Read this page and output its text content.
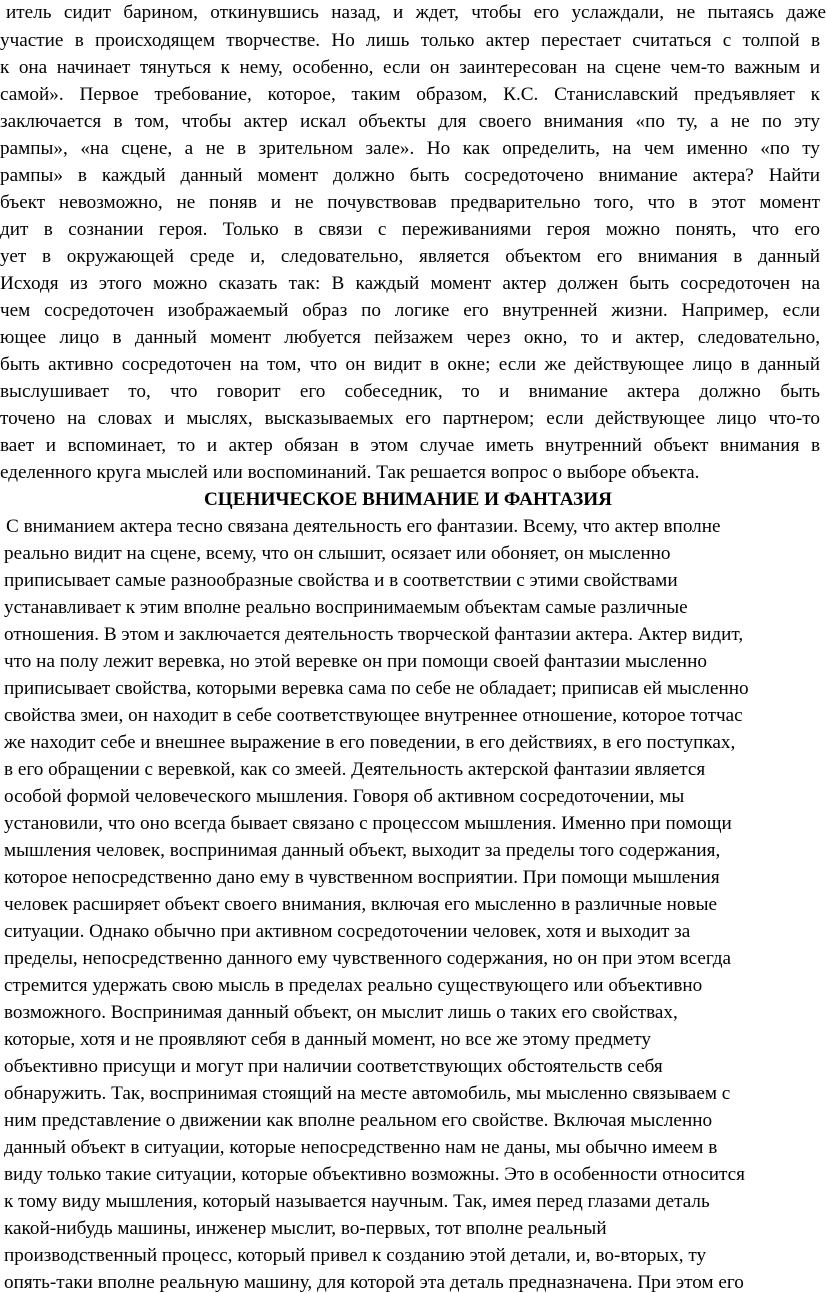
итель сидит барином, откинувшись назад, и ждет, чтобы его услаждали, не пытаясь даже
участие в происходящем творчестве. Но лишь только актер перестает считаться с толпой в
к она начинает тянуться к нему, особенно, если он заинтересован на сцене чем-то важным и
самой». Первое требование, которое, таким образом, К.С. Станиславский предъявляет к
заключается в том, чтобы актер искал объекты для своего внимания «по ту, а не по эту
рампы», «на сцене, а не в зрительном зале». Но как определить, на чем именно «по ту
рампы» в каждый данный момент должно быть сосредоточено внимание актера? Найти
бъект невозможно, не поняв и не почувствовав предварительно того, что в этот момент
дит в сознании героя. Только в связи с переживаниями героя можно понять, что его
ует в окружающей среде и, следовательно, является объектом его внимания в данный
Исходя из этого можно сказать так: В каждый момент актер должен быть сосредоточен на
чем сосредоточен изображаемый образ по логике его внутренней жизни. Например, если
ющее лицо в данный момент любуется пейзажем через окно, то и актер, следовательно,
быть активно сосредоточен на том, что он видит в окне; если же действующее лицо в данный
выслушивает то, что говорит его собеседник, то и внимание актера должно быть
точено на словах и мыслях, высказываемых его партнером; если действующее лицо что-то
вает и вспоминает, то и актер обязан в этом случае иметь внутренний объект внимания в
еделенного круга мыслей или воспоминаний. Так решается вопрос о выборе объекта.
СЦЕНИЧЕСКОЕ ВНИМАНИЕ И ФАНТАЗИЯ
С вниманием актера тесно связана деятельность его фантазии. Всему, что актер вполне
реально видит на сцене, всему, что он слышит, осязает или обоняет, он мысленно
приписывает самые разнообразные свойства и в соответствии с этими свойствами
устанавливает к этим вполне реально воспринимаемым объектам самые различные
отношения. В этом и заключается деятельность творческой фантазии актера. Актер видит,
что на полу лежит веревка, но этой веревке он при помощи своей фантазии мысленно
приписывает свойства, которыми веревка сама по себе не обладает; приписав ей мысленно
свойства змеи, он находит в себе соответствующее внутреннее отношение, которое тотчас
же находит себе и внешнее выражение в его поведении, в его действиях, в его поступках,
в его обращении с веревкой, как со змеей. Деятельность актерской фантазии является
особой формой человеческого мышления. Говоря об активном сосредоточении, мы
установили, что оно всегда бывает связано с процессом мышления. Именно при помощи
мышления человек, воспринимая данный объект, выходит за пределы того содержания,
которое непосредственно дано ему в чувственном восприятии. При помощи мышления
человек расширяет объект своего внимания, включая его мысленно в различные новые
ситуации. Однако обычно при активном сосредоточении человек, хотя и выходит за
пределы, непосредственно данного ему чувственного содержания, но он при этом всегда
стремится удержать свою мысль в пределах реально существующего или объективно
возможного. Воспринимая данный объект, он мыслит лишь о таких его свойствах,
которые, хотя и не проявляют себя в данный момент, но все же этому предмету
объективно присущи и могут при наличии соответствующих обстоятельств себя
обнаружить. Так, воспринимая стоящий на месте автомобиль, мы мысленно связываем с
ним представление о движении как вполне реальном его свойстве. Включая мысленно
данный объект в ситуации, которые непосредственно нам не даны, мы обычно имеем в
виду только такие ситуации, которые объективно возможны. Это в особенности относится
к тому виду мышления, который называется научным. Так, имея перед глазами деталь
какой-нибудь машины, инженер мыслит, во-первых, тот вполне реальный
производственный процесс, который привел к созданию этой детали, и, во-вторых, ту
опять-таки вполне реальную машину, для которой эта деталь предназначена. При этом его
